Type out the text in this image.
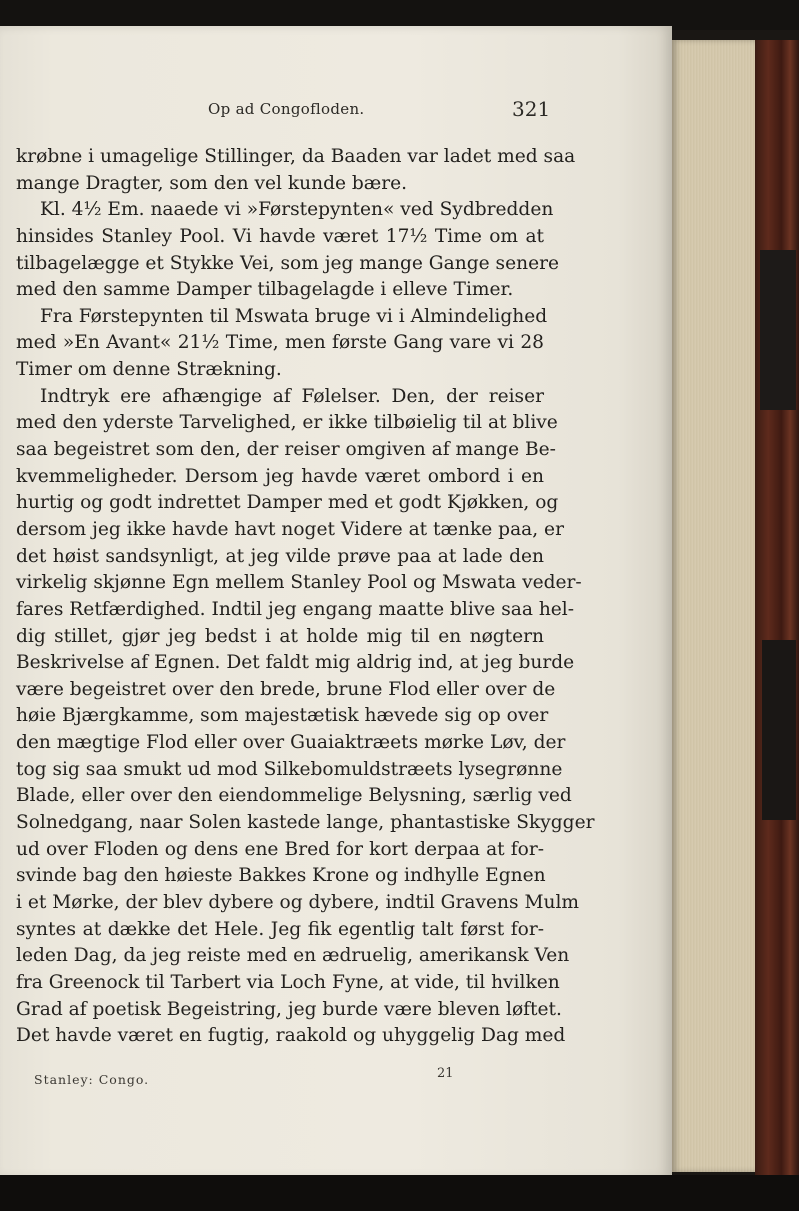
Op ad Congofloden.	321
krøbne i umagelige Stillinger, da Baaden var ladet med saa
mange Dragter, som den vel kunde bære.
Kl. 4½ Em. naaede vi »Førstepynten« ved Sydbredden
hinsides Stanley Pool. Vi havde været 17½ Time om at
tilbagelægge et Stykke Vei, som jeg mange Gange senere
med den samme Damper tilbagelagde i elleve Timer.
Fra Førstepynten til Mswata bruge vi i Almindelighed
med »En Avant« 21½ Time, men første Gang vare vi 28
Timer om denne Strækning.
Indtryk ere afhængige af Følelser. Den, der reiser
med den yderste Tarvelighed, er ikke tilbøielig til at blive
saa begeistret som den, der reiser omgiven af mange Be-
kvemmeligheder. Dersom jeg havde været ombord i en
hurtig og godt indrettet Damper med et godt Kjøkken, og
dersom jeg ikke havde havt noget Videre at tænke paa, er
det høist sandsynligt, at jeg vilde prøve paa at lade den
virkelig skjønne Egn mellem Stanley Pool og Mswata veder-
fares Retfærdighed. Indtil jeg engang maatte blive saa hel-
dig stillet, gjør jeg bedst i at holde mig til en nøgtern
Beskrivelse af Egnen. Det faldt mig aldrig ind, at jeg burde
være begeistret over den brede, brune Flod eller over de
høie Bjærgkamme, som majestætisk hævede sig op over
den mægtige Flod eller over Guaiaktræets mørke Løv, der
tog sig saa smukt ud mod Silkebomuldstræets lysegrønne
Blade, eller over den eiendommelige Belysning, særlig ved
Solnedgang, naar Solen kastede lange, phantastiske Skygger
ud over Floden og dens ene Bred for kort derpaa at for-
svinde bag den høieste Bakkes Krone og indhylle Egnen
i et Mørke, der blev dybere og dybere, indtil Gravens Mulm
syntes at dække det Hele. Jeg fik egentlig talt først for-
leden Dag, da jeg reiste med en ædruelig, amerikansk Ven
fra Greenock til Tarbert via Loch Fyne, at vide, til hvilken
Grad af poetisk Begeistring, jeg burde være bleven løftet.
Det havde været en fugtig, raakold og uhyggelig Dag med
Stanley: Congo.	21
